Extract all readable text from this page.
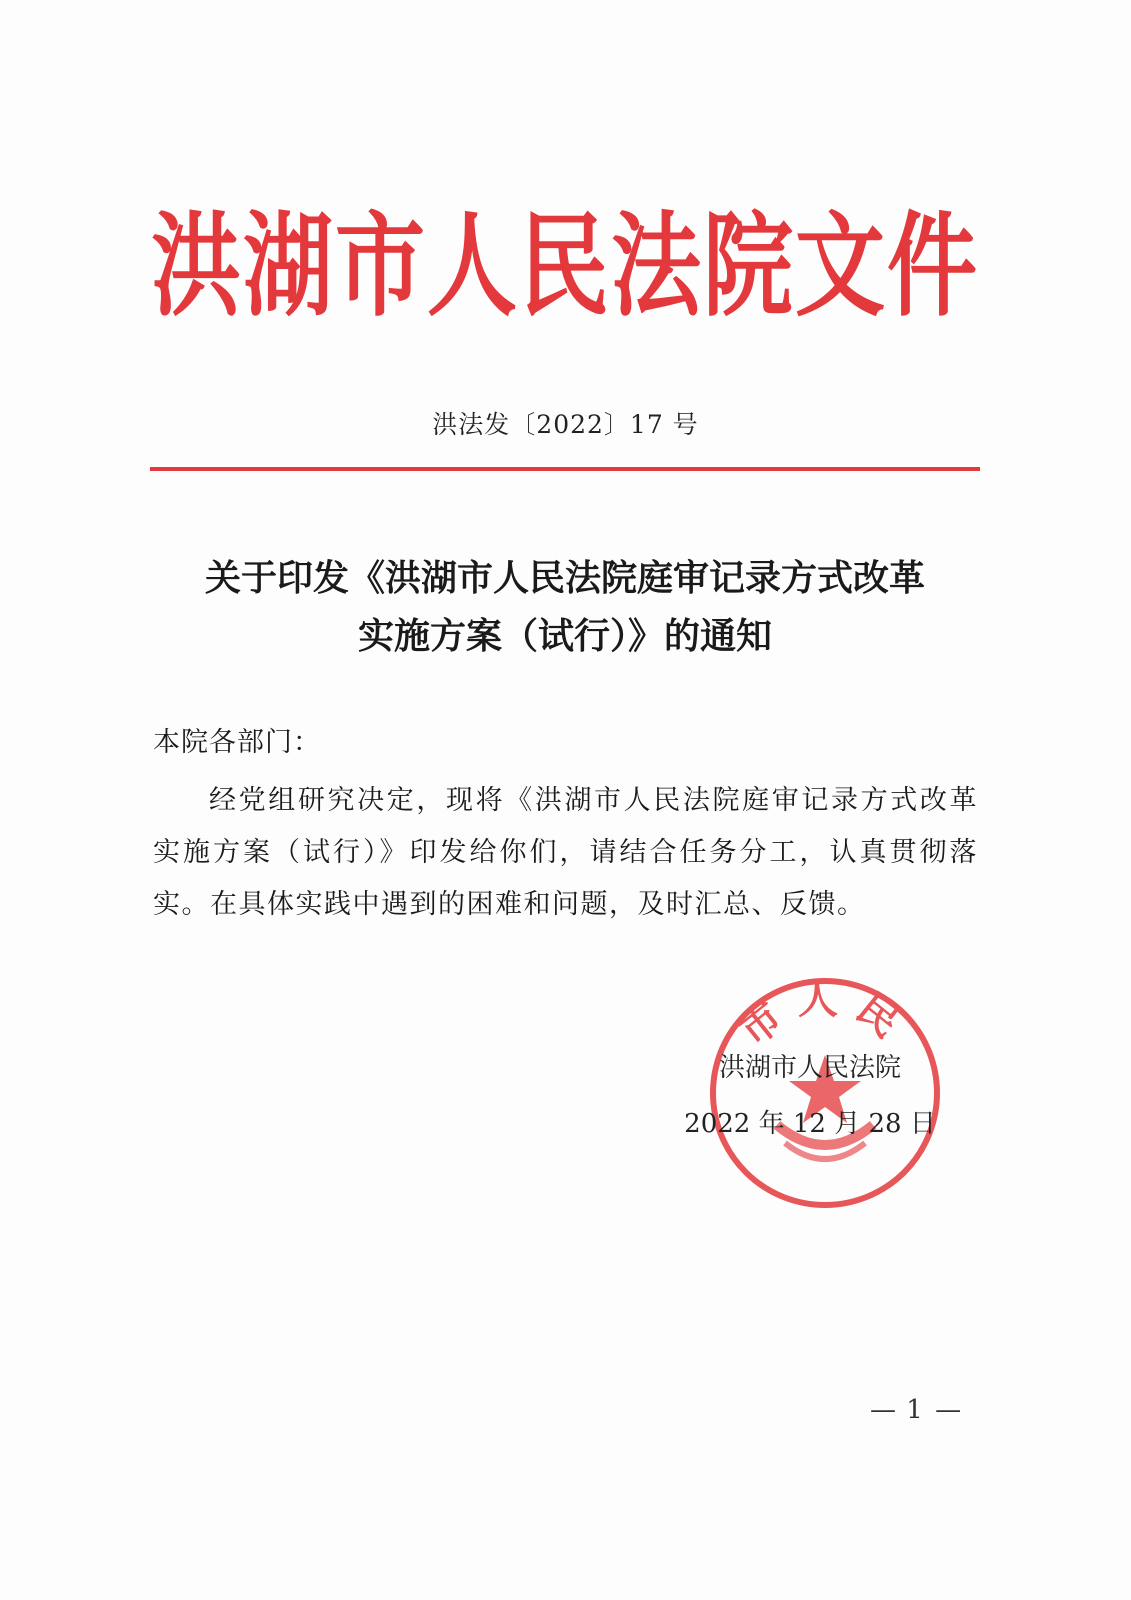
洪湖市人民法院文件
洪法发〔2022〕17 号
关于印发《洪湖市人民法院庭审记录方式改革
实施方案（试行）》的通知
本院各部门：
经党组研究决定，现将《洪湖市人民法院庭审记录方式改革实施方案（试行）》印发给你们，请结合任务分工，认真贯彻落实。在具体实践中遇到的困难和问题，及时汇总、反馈。
市人民
洪湖市人民法院
2022 年 12 月 28 日
— 1 —
